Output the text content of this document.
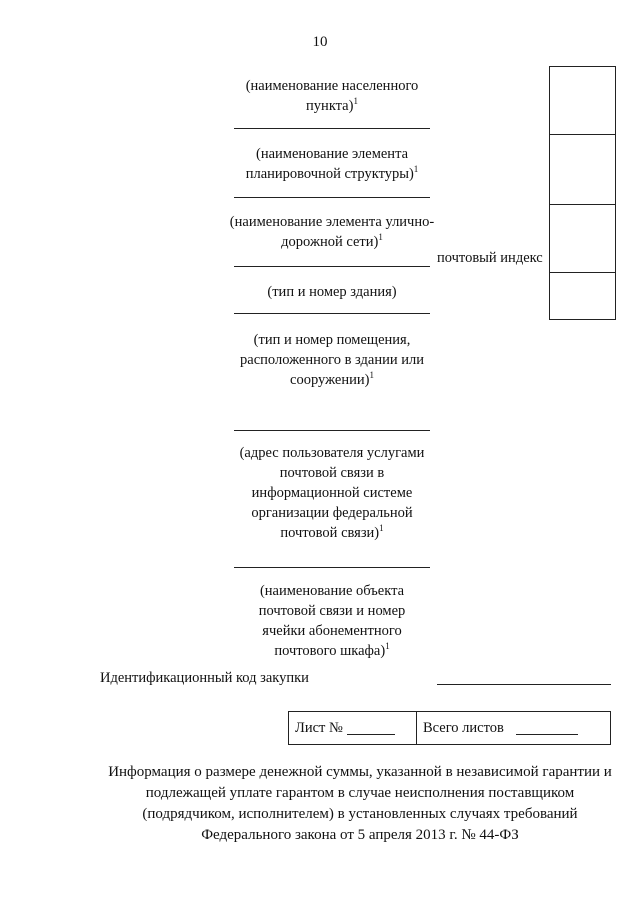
10
(наименование населенного пункта)$^1$
(наименование элемента планировочной структуры)$^1$
(наименование элемента улично-дорожной сети)$^1$
(тип и номер здания)
(тип и номер помещения, расположенного в здании или сооружении)$^1$
(адрес пользователя услугами почтовой связи в информационной системе организации федеральной почтовой связи)$^1$
(наименование объекта почтовой связи и номер ячейки абонементного почтового шкафа)$^1$
почтовый индекс
Идентификационный код закупки
Лист №	Всего листов
Информация о размере денежной суммы, указанной в независимой гарантии и подлежащей уплате гарантом в случае неисполнения поставщиком (подрядчиком, исполнителем) в установленных случаях требований Федерального закона от 5 апреля 2013 г. № 44-ФЗ
